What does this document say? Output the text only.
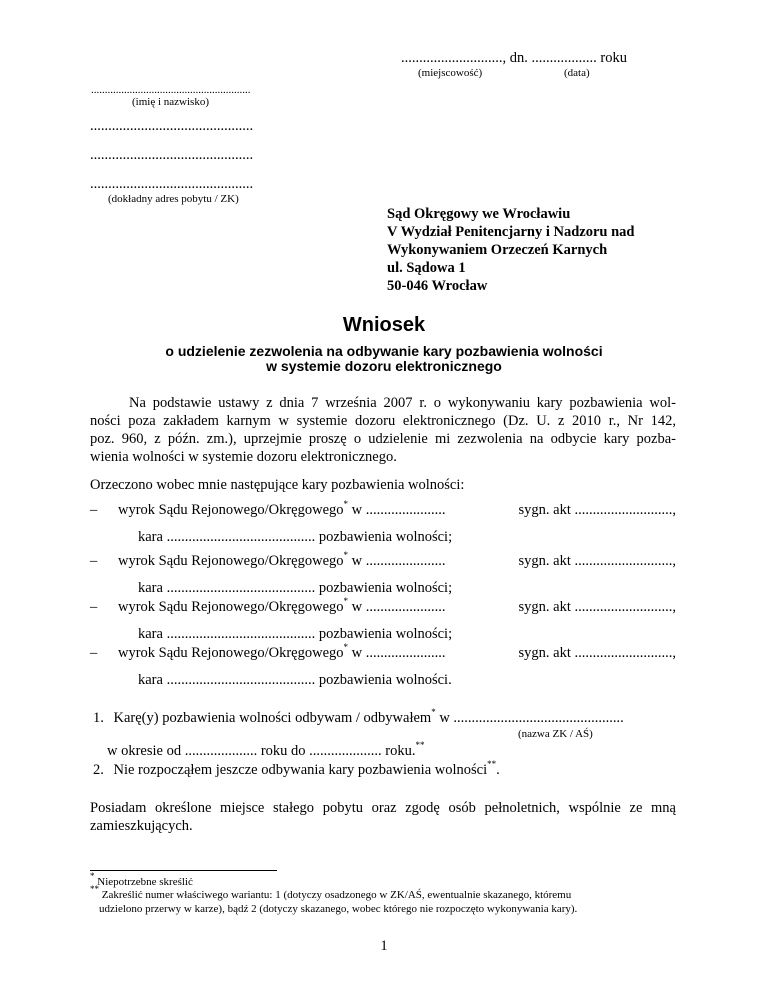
............................, dn. .................. roku
(miejscowość)	(data)
..........................................................
(imię i nazwisko)
.............................................
.............................................
.............................................
(dokładny adres pobytu / ZK)
Sąd Okręgowy we Wrocławiu
V Wydział Penitencjarny i Nadzoru nad
Wykonywaniem Orzeczeń Karnych
ul. Sądowa 1
50-046 Wrocław
Wniosek
o udzielenie zezwolenia na odbywanie kary pozbawienia wolności
w systemie dozoru elektronicznego
Na podstawie ustawy z dnia 7 września 2007 r. o wykonywaniu kary pozbawienia wol-
ności poza zakładem karnym w systemie dozoru elektronicznego (Dz. U. z 2010 r., Nr 142,
poz. 960, z późn. zm.), uprzejmie proszę o udzielenie mi zezwolenia na odbycie kary pozba-
wienia wolności w systemie dozoru elektronicznego.
Orzeczono wobec mnie następujące kary pozbawienia wolności:
– wyrok Sądu Rejonowego/Okręgowego* w ......................	sygn. akt ...........................,
kara ......................................... pozbawienia wolności;
– wyrok Sądu Rejonowego/Okręgowego* w ......................	sygn. akt ...........................,
kara ......................................... pozbawienia wolności;
– wyrok Sądu Rejonowego/Okręgowego* w ......................	sygn. akt ...........................,
kara ......................................... pozbawienia wolności;
– wyrok Sądu Rejonowego/Okręgowego* w ......................	sygn. akt ...........................,
kara ......................................... pozbawienia wolności.
1. Karę(y) pozbawienia wolności odbywam / odbywałem* w ...............................................
(nazwa ZK / AŚ)
w okresie od .................... roku do .................... roku.**
2. Nie rozpocząłem jeszcze odbywania kary pozbawienia wolności**.
Posiadam określone miejsce stałego pobytu oraz zgodę osób pełnoletnich, wspólnie ze mną
zamieszkujących.
* Niepotrzebne skreślić
** Zakreślić numer właściwego wariantu: 1 (dotyczy osadzonego w ZK/AŚ, ewentualnie skazanego, któremu
udzielono przerwy w karze), bądź 2 (dotyczy skazanego, wobec którego nie rozpoczęto wykonywania kary).
1
